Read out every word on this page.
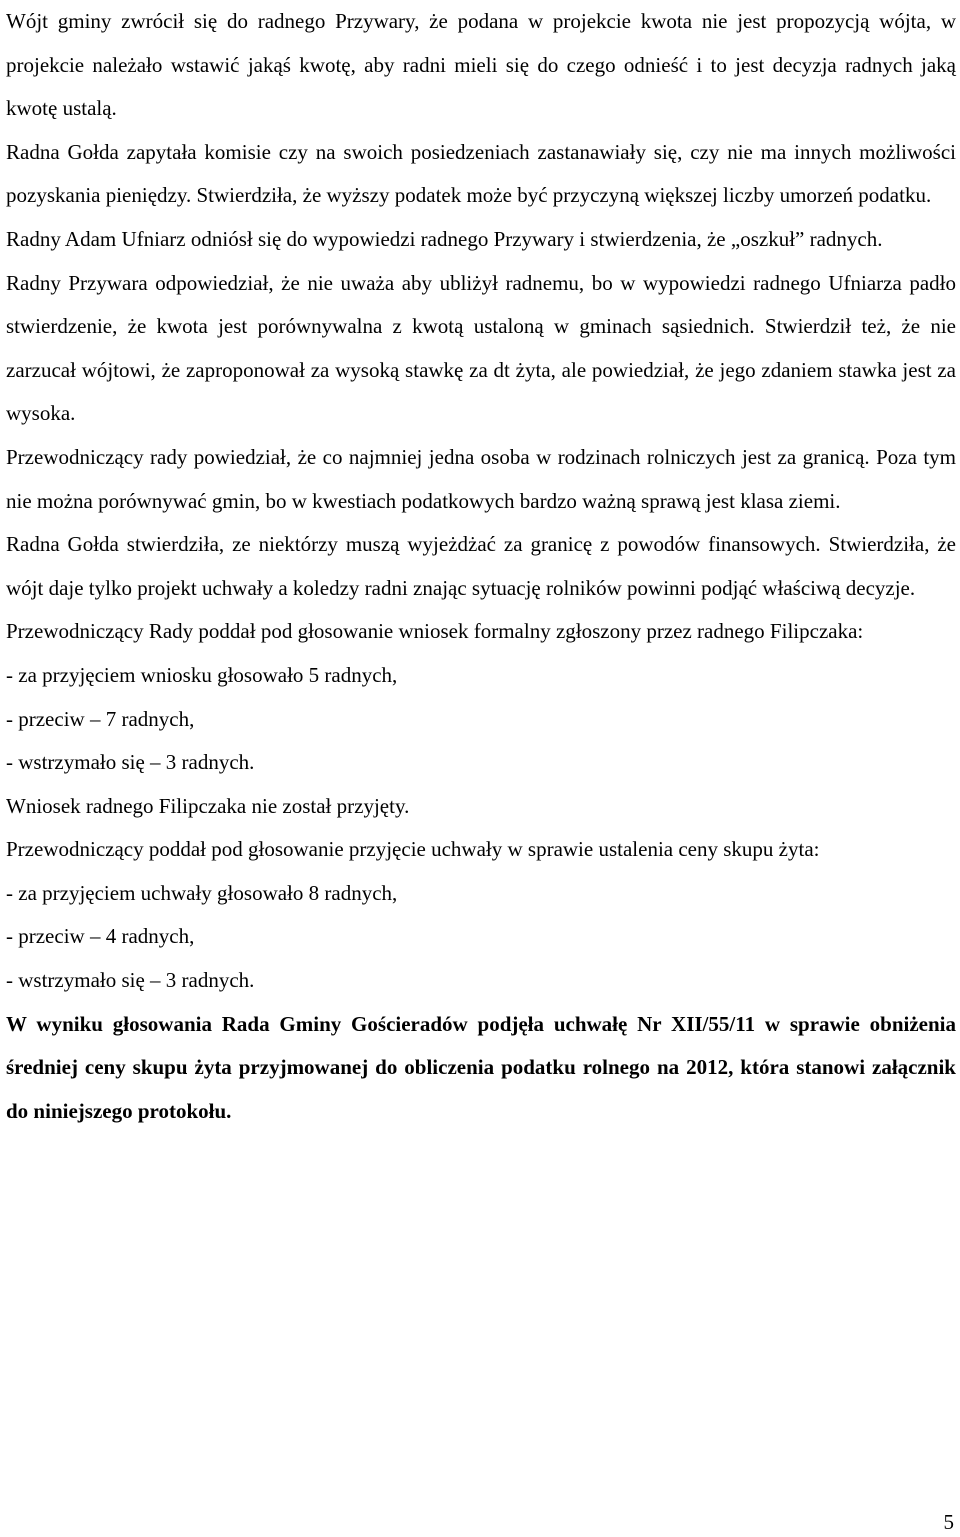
Wójt gminy zwrócił się do radnego Przywary, że podana w projekcie kwota nie jest propozycją wójta, w projekcie należało wstawić jakąś kwotę, aby radni mieli się do czego odnieść i to jest decyzja radnych jaką kwotę ustalą.

Radna Gołda zapytała komisie czy na swoich posiedzeniach zastanawiały się, czy nie ma innych możliwości pozyskania pieniędzy. Stwierdziła, że wyższy podatek może być przyczyną większej liczby umorzeń podatku.

Radny Adam Ufniarz odniósł się do wypowiedzi radnego Przywary i stwierdzenia, że „oszkuł” radnych.

Radny Przywara odpowiedział, że nie uważa aby ubliżył radnemu, bo w wypowiedzi radnego Ufniarza padło stwierdzenie, że kwota jest porównywalna z kwotą ustaloną w gminach sąsiednich. Stwierdził też, że nie zarzucał wójtowi, że zaproponował za wysoką stawkę za dt żyta, ale powiedział, że jego zdaniem stawka jest za wysoka.

Przewodniczący rady powiedział, że co najmniej jedna osoba w rodzinach rolniczych jest za granicą. Poza tym nie można porównywać gmin, bo w kwestiach podatkowych bardzo ważną sprawą jest klasa ziemi.

Radna Gołda stwierdziła, ze niektórzy muszą wyjeżdżać za granicę z powodów finansowych. Stwierdziła, że wójt daje tylko projekt uchwały a koledzy radni znając sytuację rolników powinni podjąć właściwą decyzje.

Przewodniczący Rady poddał pod głosowanie wniosek formalny zgłoszony przez radnego Filipczaka:

- za przyjęciem wniosku głosowało 5 radnych,

- przeciw – 7 radnych,

- wstrzymało się – 3 radnych.

Wniosek radnego Filipczaka nie został przyjęty.

Przewodniczący poddał pod głosowanie przyjęcie uchwały w sprawie ustalenia ceny skupu żyta:

- za przyjęciem uchwały głosowało 8 radnych,

- przeciw – 4 radnych,

- wstrzymało się – 3 radnych.

W wyniku głosowania Rada Gminy Gościeradów podjęła uchwałę Nr XII/55/11 w sprawie obniżenia średniej ceny skupu żyta przyjmowanej do obliczenia podatku rolnego na 2012, która stanowi załącznik do niniejszego protokołu.

5
